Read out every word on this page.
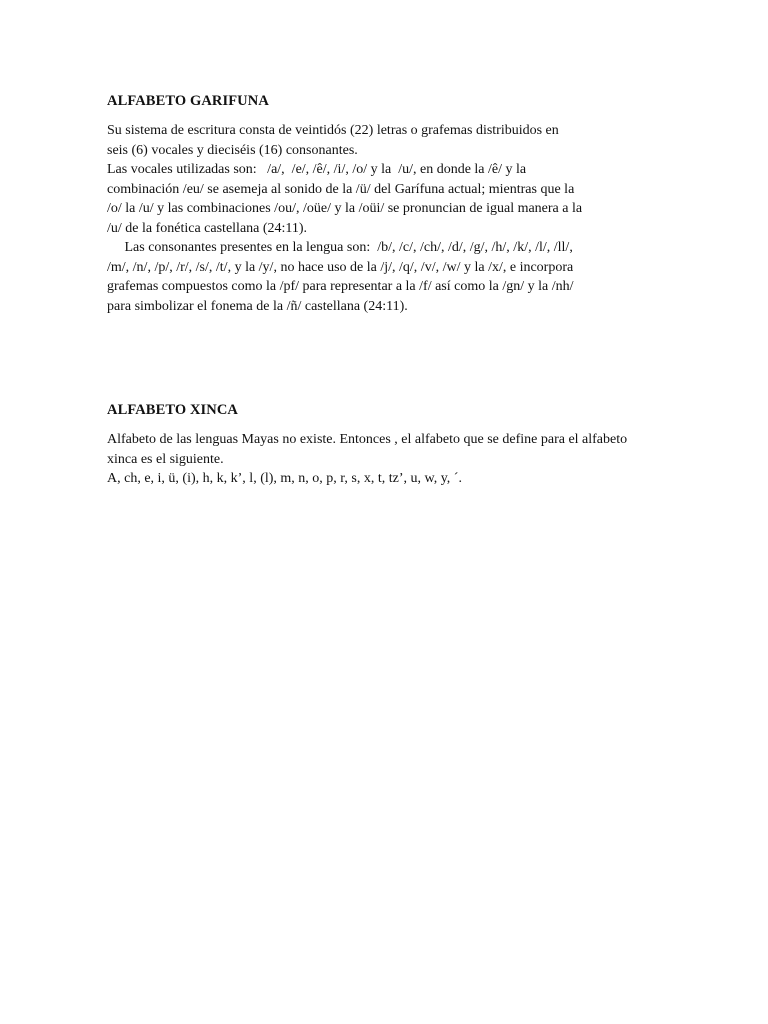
ALFABETO GARIFUNA

Su sistema de escritura consta de veintidós (22) letras o grafemas distribuidos en

seis (6) vocales y dieciséis (16) consonantes.

Las vocales utilizadas son:   /a/,  /e/, /ê/, /i/, /o/ y la  /u/, en donde la /ê/ y la

combinación /eu/ se asemeja al sonido de la /ü/ del Garífuna actual; mientras que la

/o/ la /u/ y las combinaciones /ou/, /oüe/ y la /oüi/ se pronuncian de igual manera a la

/u/ de la fonética castellana (24:11).

Las consonantes presentes en la lengua son:  /b/, /c/, /ch/, /d/, /g/, /h/, /k/, /l/, /ll/,

/m/, /n/, /p/, /r/, /s/, /t/, y la /y/, no hace uso de la /j/, /q/, /v/, /w/ y la /x/, e incorpora

grafemas compuestos como la /pf/ para representar a la /f/ así como la /gn/ y la /nh/

para simbolizar el fonema de la /ñ/ castellana (24:11).

ALFABETO XINCA

Alfabeto de las lenguas Mayas no existe. Entonces , el alfabeto que se define para el alfabeto

xinca es el siguiente.

A, ch, e, i, ü, (i), h, k, k’, l, (l), m, n, o, p, r, s, x, t, tz’, u, w, y, ´.
